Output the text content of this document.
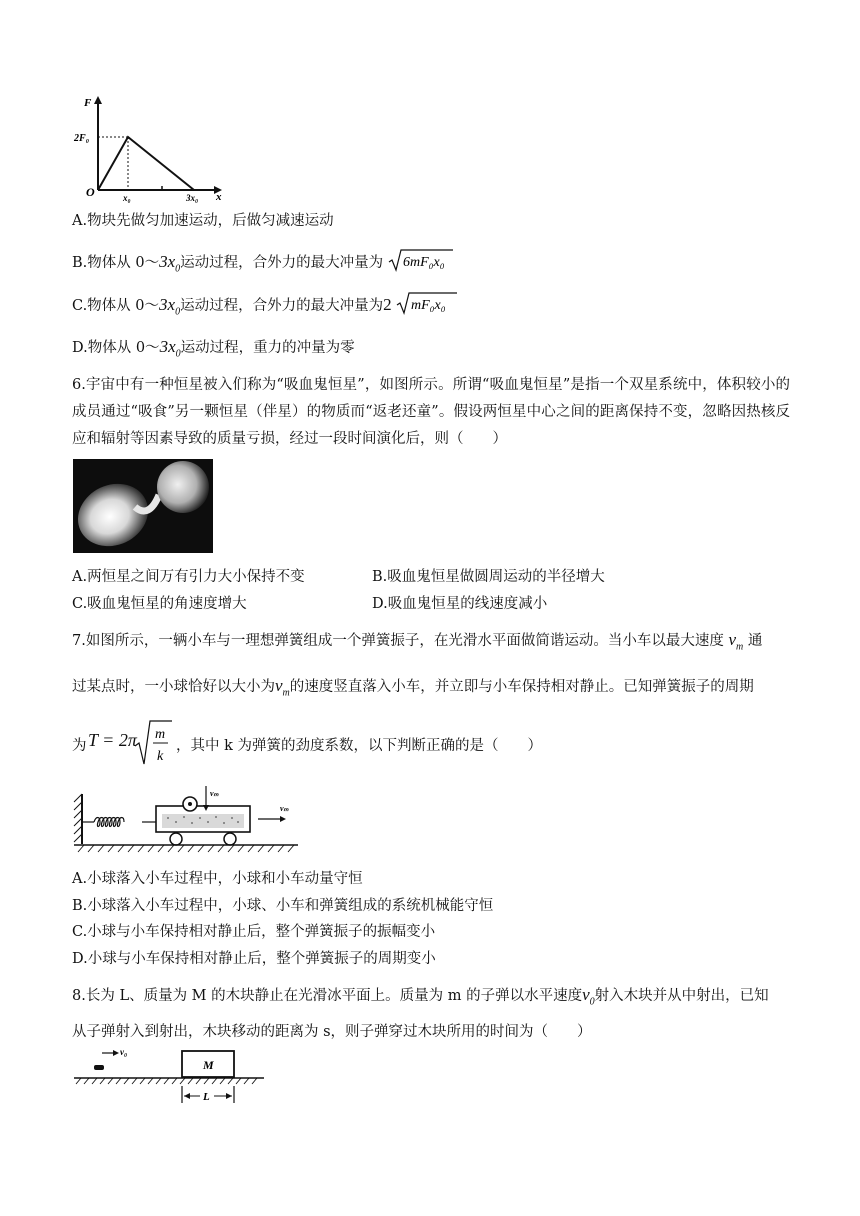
F
2F₀
O	x₀	3x₀ x
A.物块先做匀加速运动，后做匀减速运动
B.物体从 $0\sim 3x_0$运动过程，合外力的最大冲量为 6mF₀x₀
C.物体从 $0\sim 3x_0$运动过程，合外力的最大冲量为2 mF₀x₀
D.物体从 $0\sim 3x_0$运动过程，重力的冲量为零
6.宇宙中有一种恒星被入们称为“吸血鬼恒星”，如图所示。所谓“吸血鬼恒星”是指一个双星系统中，体积较小的成员通过“吸食”另一颗恒星（伴星）的物质而“返老还童”。假设两恒星中心之间的距离保持不变，忽略因热核反应和辐射等因素导致的质量亏损，经过一段时间演化后，则（　　）
A.两恒星之间万有引力大小保持不变	B.吸血鬼恒星做圆周运动的半径增大
C.吸血鬼恒星的角速度增大	D.吸血鬼恒星的线速度减小
7.如图所示，一辆小车与一理想弹簧组成一个弹簧振子，在光滑水平面做简谐运动。当小车以最大速度 $v_m$ 通
过某点时，一小球恰好以大小为$v_m$的速度竖直落入小车，并立即与小车保持相对静止。已知弹簧振子的周期
为 T = 2π m
k
，其中 k 为弹簧的劲度系数，以下判断正确的是（　　）
vₘ
vₘ
A.小球落入小车过程中，小球和小车动量守恒
B.小球落入小车过程中，小球、小车和弹簧组成的系统机械能守恒
C.小球与小车保持相对静止后，整个弹簧振子的振幅变小
D.小球与小车保持相对静止后，整个弹簧振子的周期变小
8.长为 L、质量为 M 的木块静止在光滑冰平面上。质量为 m 的子弹以水平速度$v_0$射入木块并从中射出，已知
从子弹射入到射出，木块移动的距离为 s，则子弹穿过木块所用的时间为（　　）
v₀
M
L
